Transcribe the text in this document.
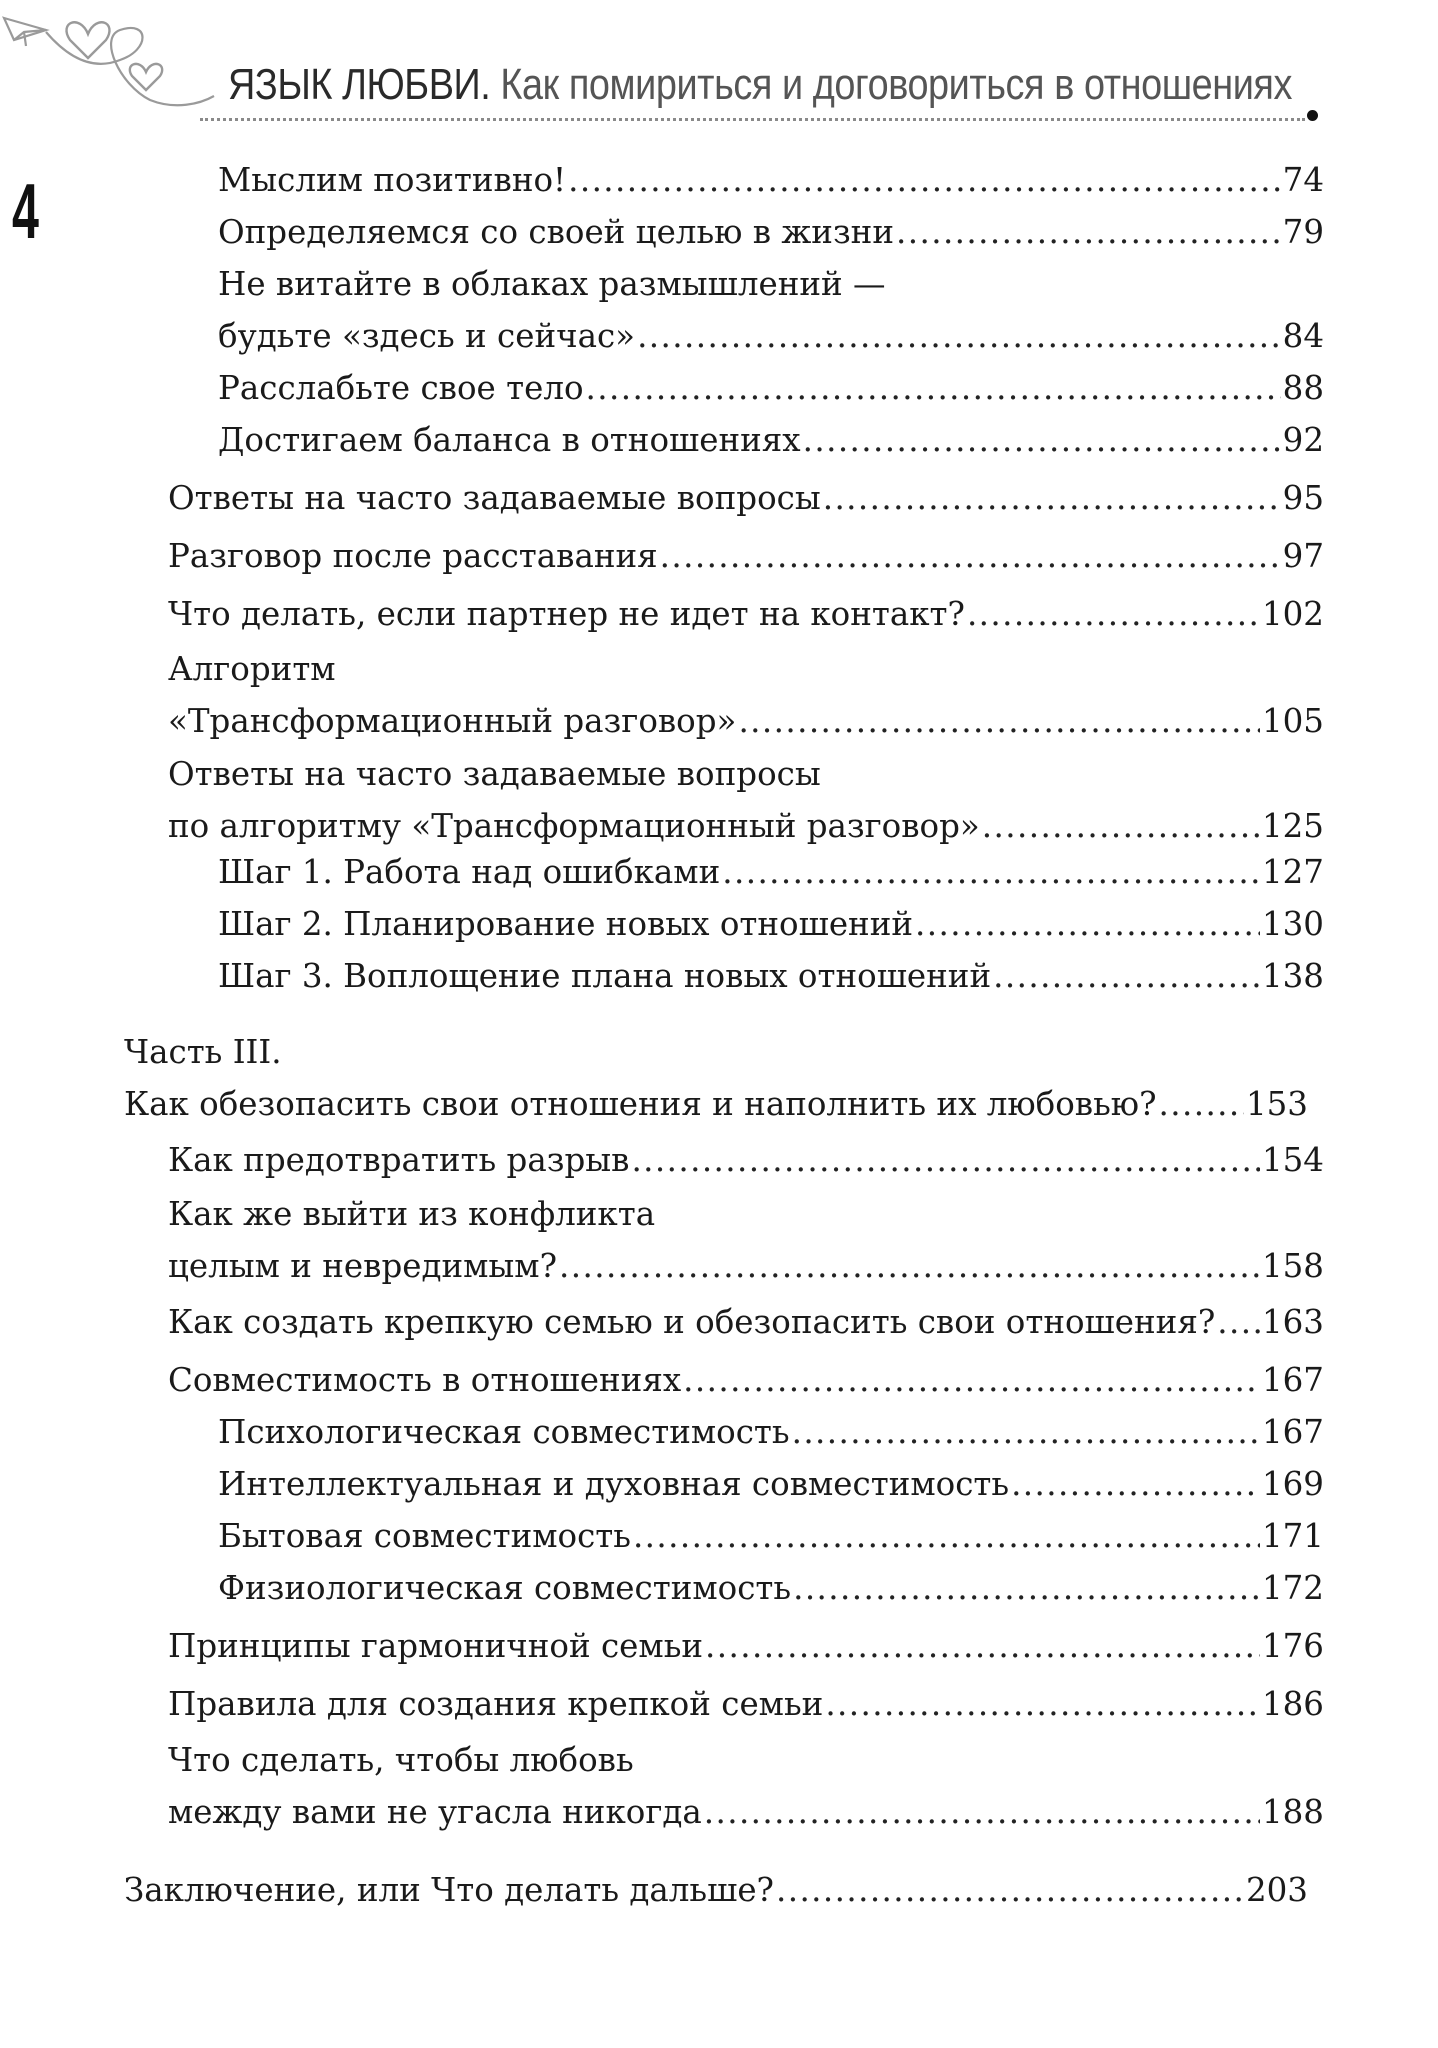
ЯЗЫК ЛЮБВИ. Как помириться и договориться в отношениях
4	Мыслим позитивно! .....	74
Определяемся со своей целью в жизни .....	79
Не витайте в облаках размышлений —
будьте «здесь и сейчас» .....	84
Расслабьте свое тело .....	88
Достигаем баланса в отношениях .....	92
Ответы на часто задаваемые вопросы .....	95
Разговор после расставания .....	97
Что делать, если партнер не идет на контакт? .....	102
Алгоритм
«Трансформационный разговор» .....	105
Ответы на часто задаваемые вопросы
по алгоритму «Трансформационный разговор» .....	125
Шаг 1. Работа над ошибками .....	127
Шаг 2. Планирование новых отношений .....	130
Шаг 3. Воплощение плана новых отношений .....	138
Часть III.
Как обезопасить свои отношения и наполнить их любовью? .....	153
Как предотвратить разрыв .....	154
Как же выйти из конфликта
целым и невредимым? .....	158
Как создать крепкую семью и обезопасить свои отношения? ..... 163
Совместимость в отношениях .....	167
Психологическая совместимость .....	167
Интеллектуальная и духовная совместимость .....	169
Бытовая совместимость .....	171
Физиологическая совместимость .....	172
Принципы гармоничной семьи .....	176
Правила для создания крепкой семьи .....	186
Что сделать, чтобы любовь
между вами не угасла никогда .....	188
Заключение, или Что делать дальше? .....	203
